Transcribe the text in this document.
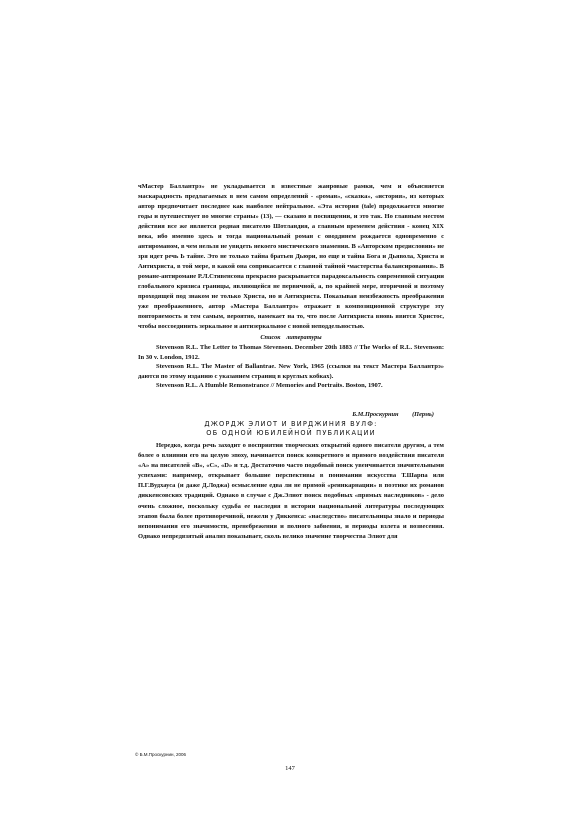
чМастер Баллантрэ» не укладывается в известные жанровые рамки, чем и объясняется маскарадность предлагаемых в нем самом определений - «роман», «сказка», «история», из которых автор предпочитает последнее как наиболее нейтральное. «Эта история (tale) продолжается многие годы и путешествует во многие страны» (13), — сказано в посвящении, и это так. Но главным местом действия все же является родная писателю Шотландия, а главным временем действия - конец XIX века, ибо именно здесь и тогда национальный роман с оводдинем рождается одновременно с антироманом, в чем нельзя не увидеть некоего мистического знамения. В «Авторском предисловии» не зря идет речь Ь тайне. Это не только тайна братьев Дьюри, но еще и тайна Бога и Дьявола, Христа и Антихриста, в той мере, в какой она соприкасается с главной тайной •мастерства балансирования». В романе-антиромане Р.Л.Стивенсона прекрасно раскрывается парадоксальность современной ситуации глобального кризиса границы, являющейся не первичной, а, по крайней мере, вторичной и поэтому проходящей под знаком не только Христа, но и Антихриста. Показывая неизбежность преображения уже преображенного, автор «Мастера Баллантрэ» отражает в композиционной структуре эту повторяемость и тем самым, вероятно, намекает на то, что после Антихриста вновь явится Христос, чтобы воссоединить зеркальное и антизеркальное с новой неподдельностью.

Список литературы

Stevenson R.L. The Letter to Thomas Stevenson. December 20th 1883 // The Works of R.L. Stevenson: In 30 v. London, 1912.

Stevenson R.L. The Master of Ballantrae. New York, 1965 (ссылки на текст Мастера Баллантрэ» даются по этому изданию с указанием страниц в круглых кобках).

Stevenson R.L. A Humble Remonstrance // Memories and Portraits. Boston, 1907.

Б.М.Проскурнин (Пермь)

ДЖОРДЖ ЭЛИОТ И ВИРДЖИНИЯ ВУЛФ:

ОБ ОДНОЙ ЮБИЛЕЙНОЙ ПУБЛИКАЦИИ

Нередко, когда речь заходит о восприятии творческих открытий одного писателя другим, а тем более о влиянии его на целую эпоху, начинается поиск конкретного и прямого воздействия писателя «А» на писателей «В», «С», «D» и т.д. Достаточно часто подобный поиск увенчивается значительными успехами: например, открывает большие перспективы в понимании искусства Т.Шарпа или П.Г.Вудхауса (и даже Д.Лоджа) осмысление едва ли не прямой «реинкарнации» в поэтике их романов диккенсовских традиций. Однако в случае с Дж.Элиот поиск подобных «прямых наследников» - дело очень сложное, поскольку судьба ее наследия в истории национальной литературы последующих этапов была более противоречивой, нежели у Диккенса: «наследство» писательницы знало и периоды непонимания его значимости, пренебрежения и полного забвения, и периоды взлета и возвесения. Однако непредвзятый анализ показывает, сколь велико значение творчества Элиот для

© Б.М.Проскурнин, 2006
147
